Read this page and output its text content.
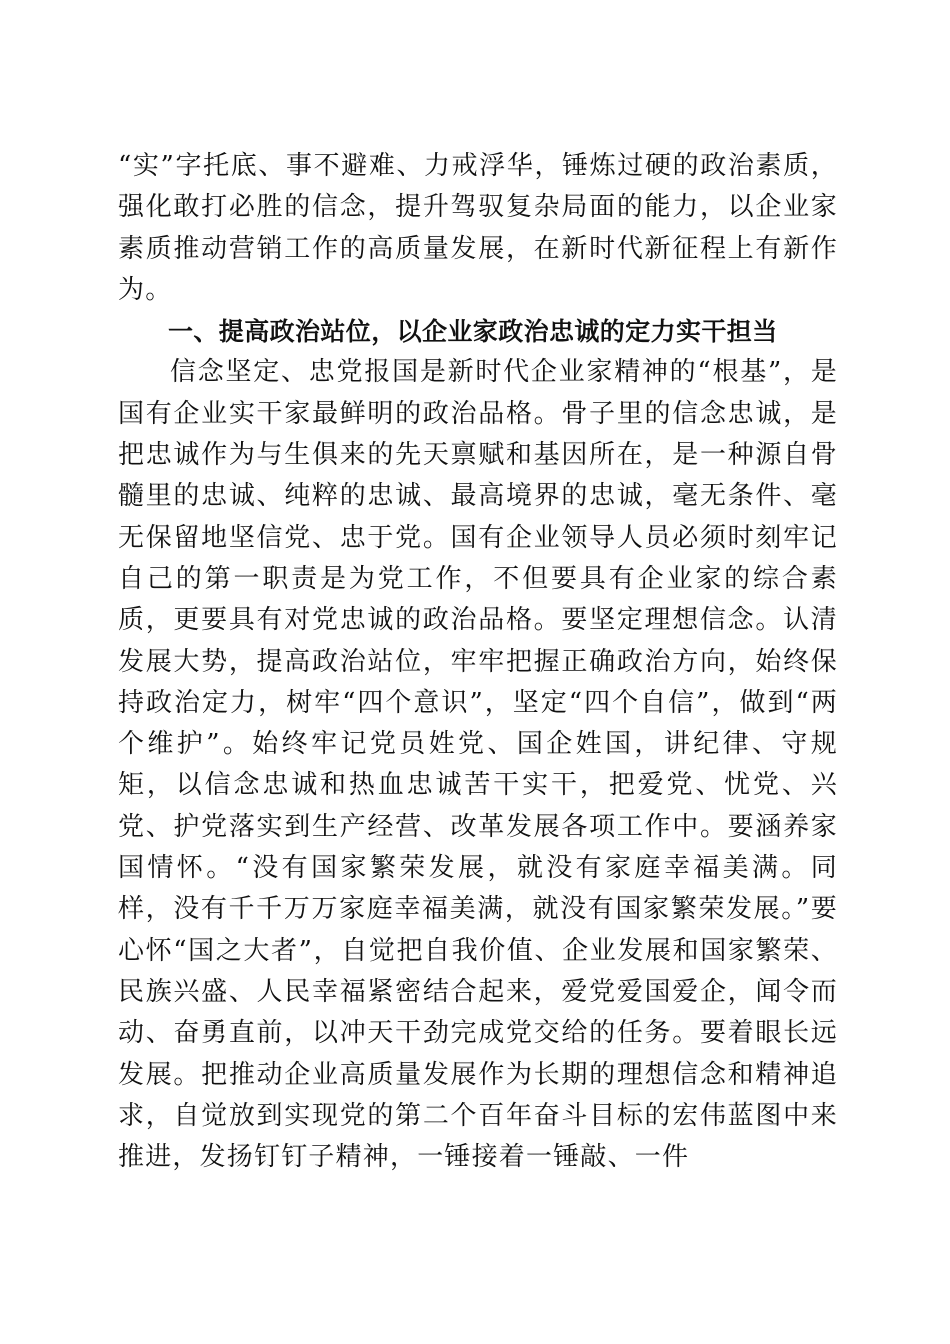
“实”字托底、事不避难、力戒浮华，锤炼过硬的政治素质，强化敢打必胜的信念，提升驾驭复杂局面的能力，以企业家素质推动营销工作的高质量发展，在新时代新征程上有新作为。

一、提高政治站位，以企业家政治忠诚的定力实干担当

信念坚定、忠党报国是新时代企业家精神的“根基”，是国有企业实干家最鲜明的政治品格。骨子里的信念忠诚，是把忠诚作为与生俱来的先天禀赋和基因所在，是一种源自骨髓里的忠诚、纯粹的忠诚、最高境界的忠诚，毫无条件、毫无保留地坚信党、忠于党。国有企业领导人员必须时刻牢记自己的第一职责是为党工作，不但要具有企业家的综合素质，更要具有对党忠诚的政治品格。要坚定理想信念。认清发展大势，提高政治站位，牢牢把握正确政治方向，始终保持政治定力，树牢“四个意识”，坚定“四个自信”，做到“两个维护”。始终牢记党员姓党、国企姓国，讲纪律、守规矩，以信念忠诚和热血忠诚苦干实干，把爱党、忧党、兴党、护党落实到生产经营、改革发展各项工作中。要涵养家国情怀。“没有国家繁荣发展，就没有家庭幸福美满。同样，没有千千万万家庭幸福美满，就没有国家繁荣发展。”要心怀“国之大者”，自觉把自我价值、企业发展和国家繁荣、民族兴盛、人民幸福紧密结合起来，爱党爱国爱企，闻令而动、奋勇直前，以冲天干劲完成党交给的任务。要着眼长远发展。把推动企业高质量发展作为长期的理想信念和精神追求，自觉放到实现党的第二个百年奋斗目标的宏伟蓝图中来推进，发扬钉钉子精神，一锤接着一锤敲、一件
